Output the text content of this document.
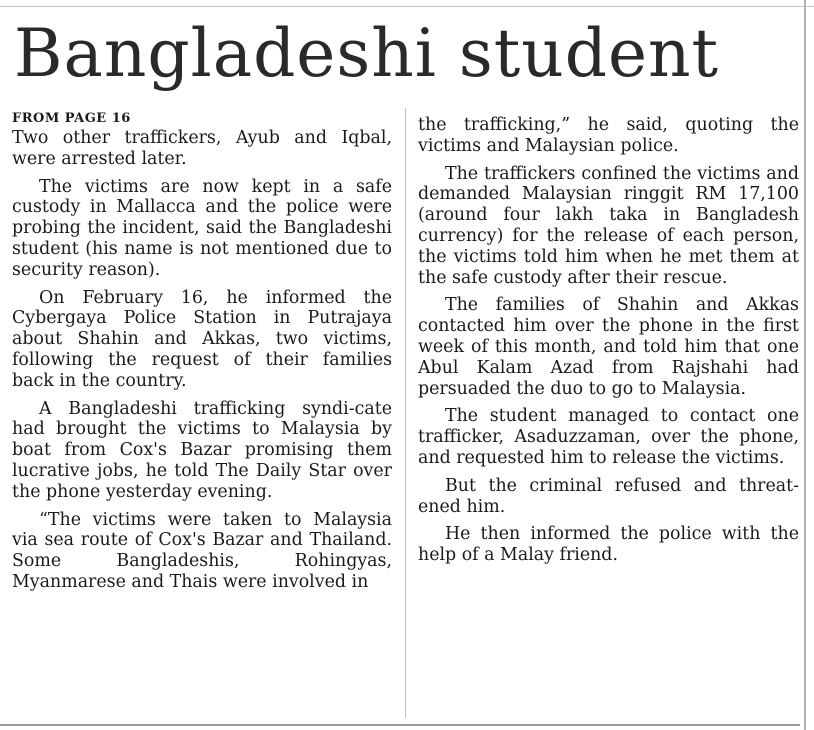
Bangladeshi student

FROM PAGE 16

Two other traffickers, Ayub and Iqbal, were arrested later.

The victims are now kept in a safe custody in Mallacca and the police were probing the incident, said the Bangladeshi student (his name is not mentioned due to security reason).

On February 16, he informed the Cybergaya Police Station in Putrajaya about Shahin and Akkas, two victims, following the request of their families back in the country.

A Bangladeshi trafficking syndi-cate had brought the victims to Malaysia by boat from Cox's Bazar promising them lucrative jobs, he told The Daily Star over the phone yesterday evening.

“The victims were taken to Malaysia via sea route of Cox's Bazar and Thailand. Some Bangladeshis, Rohingyas, Myanmarese and Thais were involved in

the trafficking,” he said, quoting the victims and Malaysian police.

The traffickers confined the victims and demanded Malaysian ringgit RM 17,100 (around four lakh taka in Bangladesh currency) for the release of each person, the victims told him when he met them at the safe custody after their rescue.

The families of Shahin and Akkas contacted him over the phone in the first week of this month, and told him that one Abul Kalam Azad from Rajshahi had persuaded the duo to go to Malaysia.

The student managed to contact one trafficker, Asaduzzaman, over the phone, and requested him to release the victims.

But the criminal refused and threat-ened him.

He then informed the police with the help of a Malay friend.
